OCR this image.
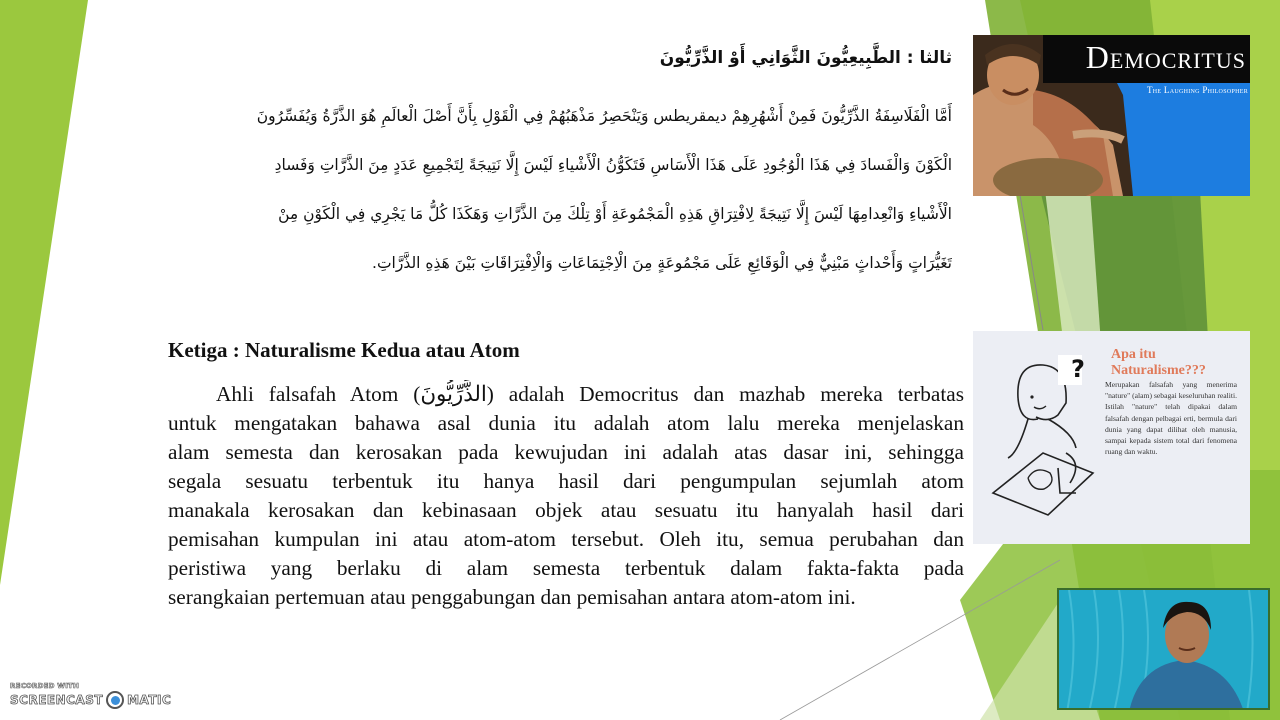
ثالثا : الطَّبِيعِيُّونَ الثَّوَانِي أَوْ الذَّرِّيُّونَ
أَمَّا الْفَلَاسِفَةُ الذَّرِّيُّونَ فَمِنْ أَشْهُرِهِمْ ديمقريطس وَيَنْحَصِرُ مَذْهَبُهُمْ فِي الْقَوْلِ بِأَنَّ أَصْلَ الْعالَمِ هُوَ الذَّرَّةُ وَيُفَسِّرُونَ
الْكَوْنَ وَالْفَسادَ فِي هَذَا الْوُجُودِ عَلَى هَذَا الْأَسَاسِ فَتَكَوُّنُ الْأَشْياءِ لَيْسَ إِلَّا نَتِيجَةً لِتَجْمِيعِ عَدَدٍ مِنَ الذَّرَّاتِ وَفَسادِ
الْأَشْياءِ وَانْعِدامِهَا لَيْسَ إِلَّا نَتِيجَةً لِافْتِرَاقِ هَذِهِ الْمَجْمُوعَةِ أَوْ تِلْكَ مِنَ الذَّرَّاتِ وَهَكَذَا كُلُّ مَا يَجْرِي فِي الْكَوْنِ مِنْ
تَغَيُّرَاتٍ وَأَحْداثٍ مَبْنِيٌّ فِي الْوَقَائِعِ عَلَى مَجْمُوعَةٍ مِنَ الْاِجْتِمَاعَاتِ وَالْاِفْتِرَاقَاتِ بَيْنَ هَذِهِ الذَّرَّاتِ.
Ketiga : Naturalisme Kedua atau Atom
Ahli falsafah Atom (الذَّرِّيُّونَ) adalah Democritus dan mazhab mereka terbatas
untuk mengatakan bahawa asal dunia itu adalah atom lalu mereka menjelaskan
alam semesta dan kerosakan pada kewujudan ini adalah atas dasar ini, sehingga
segala sesuatu terbentuk itu hanya hasil dari pengumpulan sejumlah atom
manakala kerosakan dan kebinasaan objek atau sesuatu itu hanyalah hasil dari
pemisahan kumpulan ini atau atom-atom tersebut. Oleh itu, semua perubahan dan
peristiwa yang berlaku di alam semesta terbentuk dalam fakta-fakta pada
serangkaian pertemuan atau penggabungan dan pemisahan antara atom-atom ini.
Democritus
The Laughing Philosopher
?
Apa itu Naturalisme???
Merupakan falsafah yang menerima "nature" (alam) sebagai keseluruhan realiti. Istilah "nature" telah dipakai dalam falsafah dengan pelbagai erti, bermula dari dunia yang dapat dilihat oleh manusia, sampai kepada sistem total dari fenomena ruang dan waktu.
RECORDED WITH
SCREENCAST MATIC
